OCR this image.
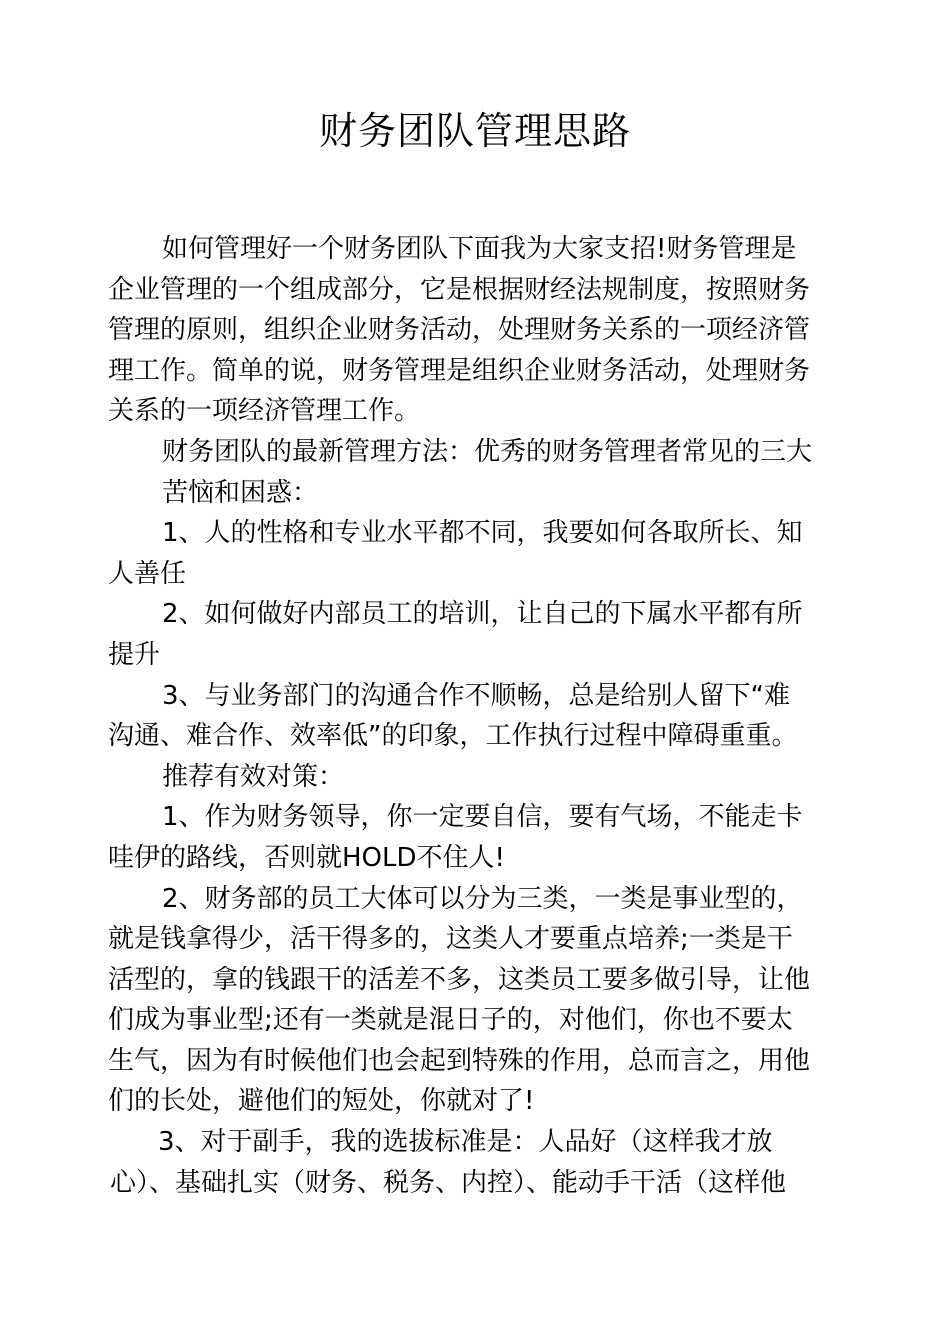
财务团队管理思路
如何管理好一个财务团队下面我为大家支招!财务管理是
企业管理的一个组成部分，它是根据财经法规制度，按照财务
管理的原则，组织企业财务活动，处理财务关系的一项经济管
理工作。简单的说，财务管理是组织企业财务活动，处理财务
关系的一项经济管理工作。
财务团队的最新管理方法：优秀的财务管理者常见的三大
苦恼和困惑：
1、人的性格和专业水平都不同，我要如何各取所长、知
人善任
2、如何做好内部员工的培训，让自己的下属水平都有所
提升
3、与业务部门的沟通合作不顺畅，总是给别人留下“难
沟通、难合作、效率低”的印象，工作执行过程中障碍重重。
推荐有效对策：
1、作为财务领导，你一定要自信，要有气场，不能走卡
哇伊的路线，否则就HOLD不住人!
2、财务部的员工大体可以分为三类，一类是事业型的，
就是钱拿得少，活干得多的，这类人才要重点培养;一类是干
活型的，拿的钱跟干的活差不多，这类员工要多做引导，让他
们成为事业型;还有一类就是混日子的，对他们，你也不要太
生气，因为有时候他们也会起到特殊的作用，总而言之，用他
们的长处，避他们的短处，你就对了!
3、对于副手，我的选拔标准是：人品好（这样我才放
心）、基础扎实（财务、税务、内控）、能动手干活（这样他
